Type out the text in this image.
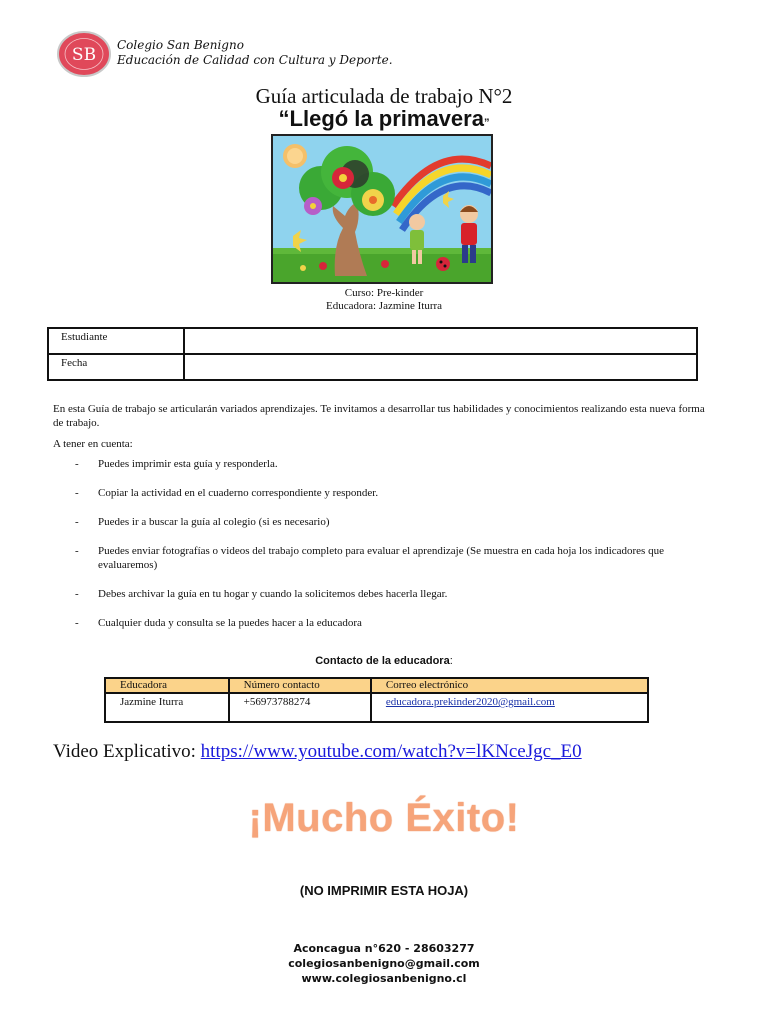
SB Colegio San Benigno
Educación de Calidad con Cultura y Deporte.
Guía articulada de trabajo N°2
“Llegó la primavera”
Curso: Pre-kinder
Educadora: Jazmine Iturra
Estudiante	
Fecha	
En esta Guía de trabajo se articularán variados aprendizajes. Te invitamos a desarrollar tus habilidades y conocimientos realizando esta nueva forma de trabajo.
A tener en cuenta:
- Puedes imprimir esta guía y responderla.
- Copiar la actividad en el cuaderno correspondiente y responder.
- Puedes ir a buscar la guía al colegio (si es necesario)
- Puedes enviar fotografías o videos del trabajo completo para evaluar el aprendizaje (Se muestra en cada hoja los indicadores que evaluaremos)
- Debes archivar la guía en tu hogar y cuando la solicitemos debes hacerla llegar.
- Cualquier duda y consulta se la puedes hacer a la educadora
Contacto de la educadora:
Educadora	Número contacto	Correo electrónico
Jazmine Iturra	+56973788274	educadora.prekinder2020@gmail.com
Video Explicativo: https://www.youtube.com/watch?v=lKNceJgc_E0
¡Mucho Éxito!
(NO IMPRIMIR ESTA HOJA)
Aconcagua n°620 - 28603277
colegiosanbenigno@gmail.com
www.colegiosanbenigno.cl
